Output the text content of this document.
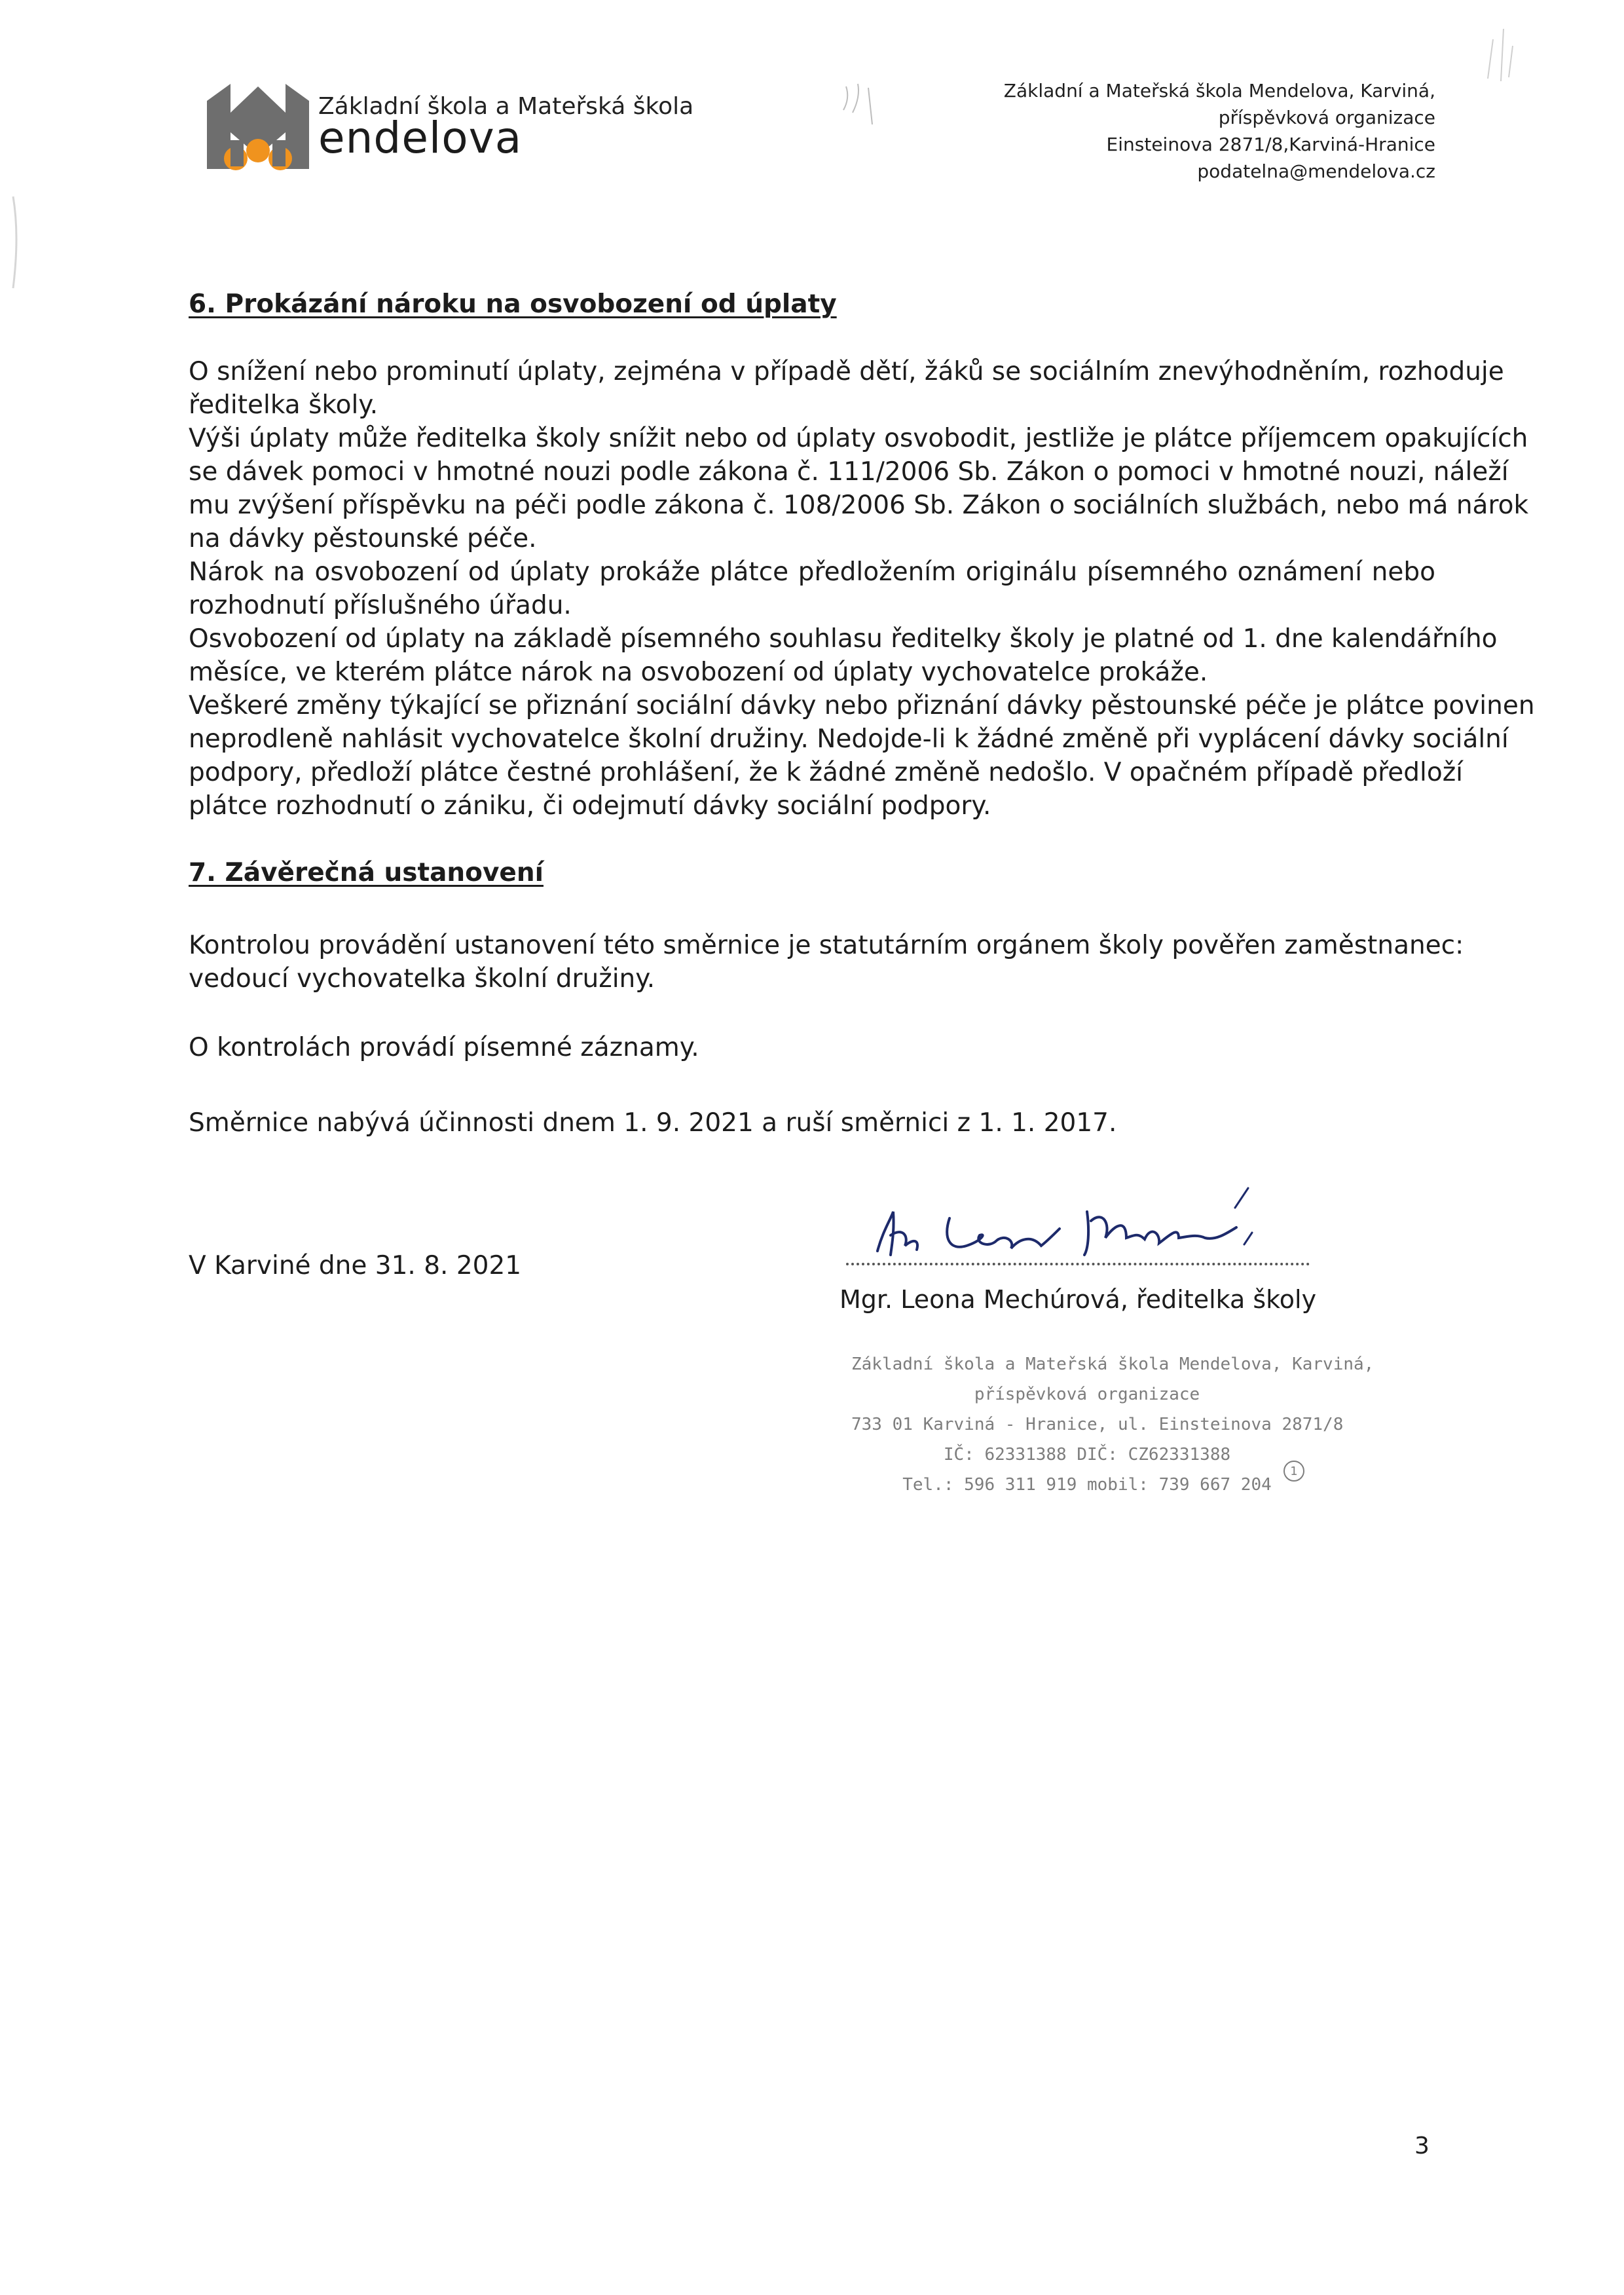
Základní škola a Mateřská škola
endelova
Základní a Mateřská škola Mendelova, Karviná,
příspěvková organizace
Einsteinova 2871/8,Karviná-Hranice
podatelna@mendelova.cz
6. Prokázání nároku na osvobození od úplaty
O snížení nebo prominutí úplaty, zejména v případě dětí, žáků se sociálním znevýhodněním, rozhoduje
ředitelka školy.
Výši úplaty může ředitelka školy snížit nebo od úplaty osvobodit, jestliže je plátce příjemcem opakujících
se dávek pomoci v hmotné nouzi podle zákona č. 111/2006 Sb. Zákon o pomoci v hmotné nouzi, náleží
mu zvýšení příspěvku na péči podle zákona č. 108/2006 Sb. Zákon o sociálních službách, nebo má nárok
na dávky pěstounské péče.
Nárok na osvobození od úplaty prokáže plátce předložením originálu písemného oznámení nebo
rozhodnutí příslušného úřadu.
Osvobození od úplaty na základě písemného souhlasu ředitelky školy je platné od 1. dne kalendářního
měsíce, ve kterém plátce nárok na osvobození od úplaty vychovatelce prokáže.
Veškeré změny týkající se přiznání sociální dávky nebo přiznání dávky pěstounské péče je plátce povinen
neprodleně nahlásit vychovatelce školní družiny. Nedojde-li k žádné změně při vyplácení dávky sociální
podpory, předloží plátce čestné prohlášení, že k žádné změně nedošlo. V opačném případě předloží
plátce rozhodnutí o zániku, či odejmutí dávky sociální podpory.
7. Závěrečná ustanovení
Kontrolou provádění ustanovení této směrnice je statutárním orgánem školy pověřen zaměstnanec:
vedoucí vychovatelka školní družiny.
O kontrolách provádí písemné záznamy.
Směrnice nabývá účinnosti dnem 1. 9. 2021 a ruší směrnici z 1. 1. 2017.
V Karviné dne 31. 8. 2021
Mgr. Leona Mechúrová, ředitelka školy
Základní škola a Mateřská škola Mendelova, Karviná,
příspěvková organizace
733 01 Karviná - Hranice, ul. Einsteinova 2871/8
IČ: 62331388 DIČ: CZ62331388
Tel.: 596 311 919 mobil: 739 667 204
1
3
